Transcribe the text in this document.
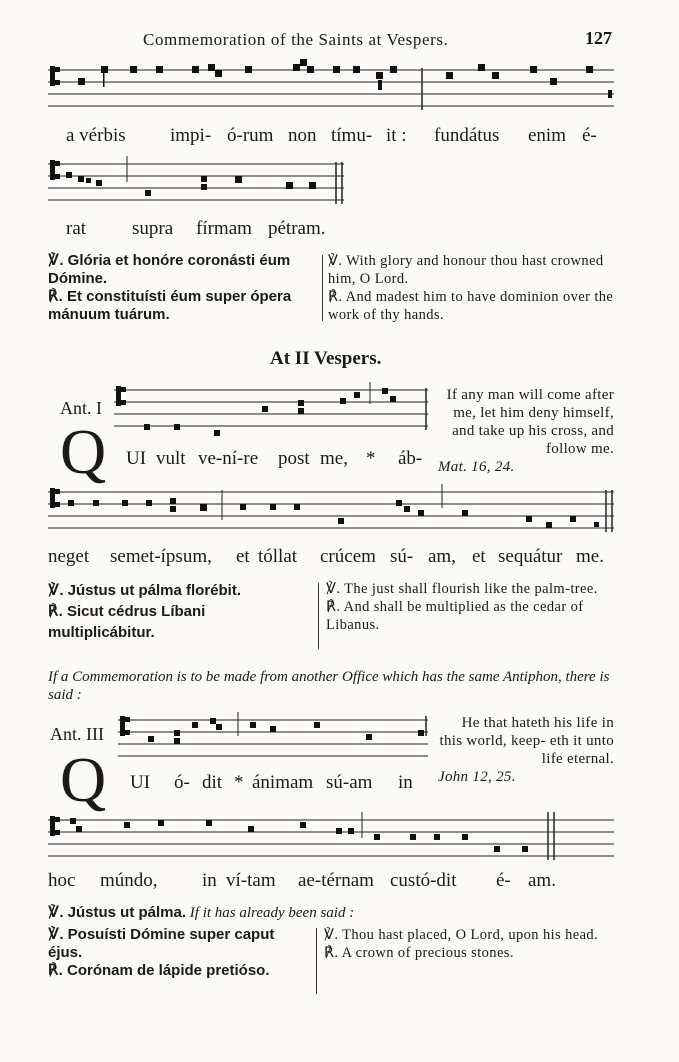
Commemoration of the Saints at Vespers.	127
a vérbis impi- ó-rum non tímu- it : fundátus enim é-
rat supra fírmam pétram.
℣. Glória et honóre coronásti éum Dómine.
℟. Et constituísti éum super ópera mánuum tuárum.
℣. With glory and honour thou hast crowned him, O Lord.
℟. And madest him to have dominion over the work of thy hands.
At II Vespers.
Ant. I
Q UI vult ve-ní-re post me, * áb-
If any man will come after me, let him deny himself, and take up his cross, and follow me.
Mat. 16, 24.
neget semet-ípsum, et tóllat crúcem sú- am, et sequátur me.
℣. Jústus ut pálma florébit.
℟. Sicut cédrus Líbani multiplicábitur.
℣. The just shall flourish like the palm-tree.
℟. And shall be multiplied as the cedar of Libanus.
If a Commemoration is to be made from another Office which has the same Antiphon, there is said :
Ant. III
Q UI ó- dit * ánimam sú-am in
He that hateth his life in this world, keep- eth it unto life eternal.
John 12, 25.
hoc múndo, in ví-tam ae-térnam custó-dit é- am.
℣. Jústus ut pálma. If it has already been said :
℣. Posuísti Dómine super caput éjus.
℟. Corónam de lápide pretióso.
℣. Thou hast placed, O Lord, upon his head.
℟. A crown of precious stones.
